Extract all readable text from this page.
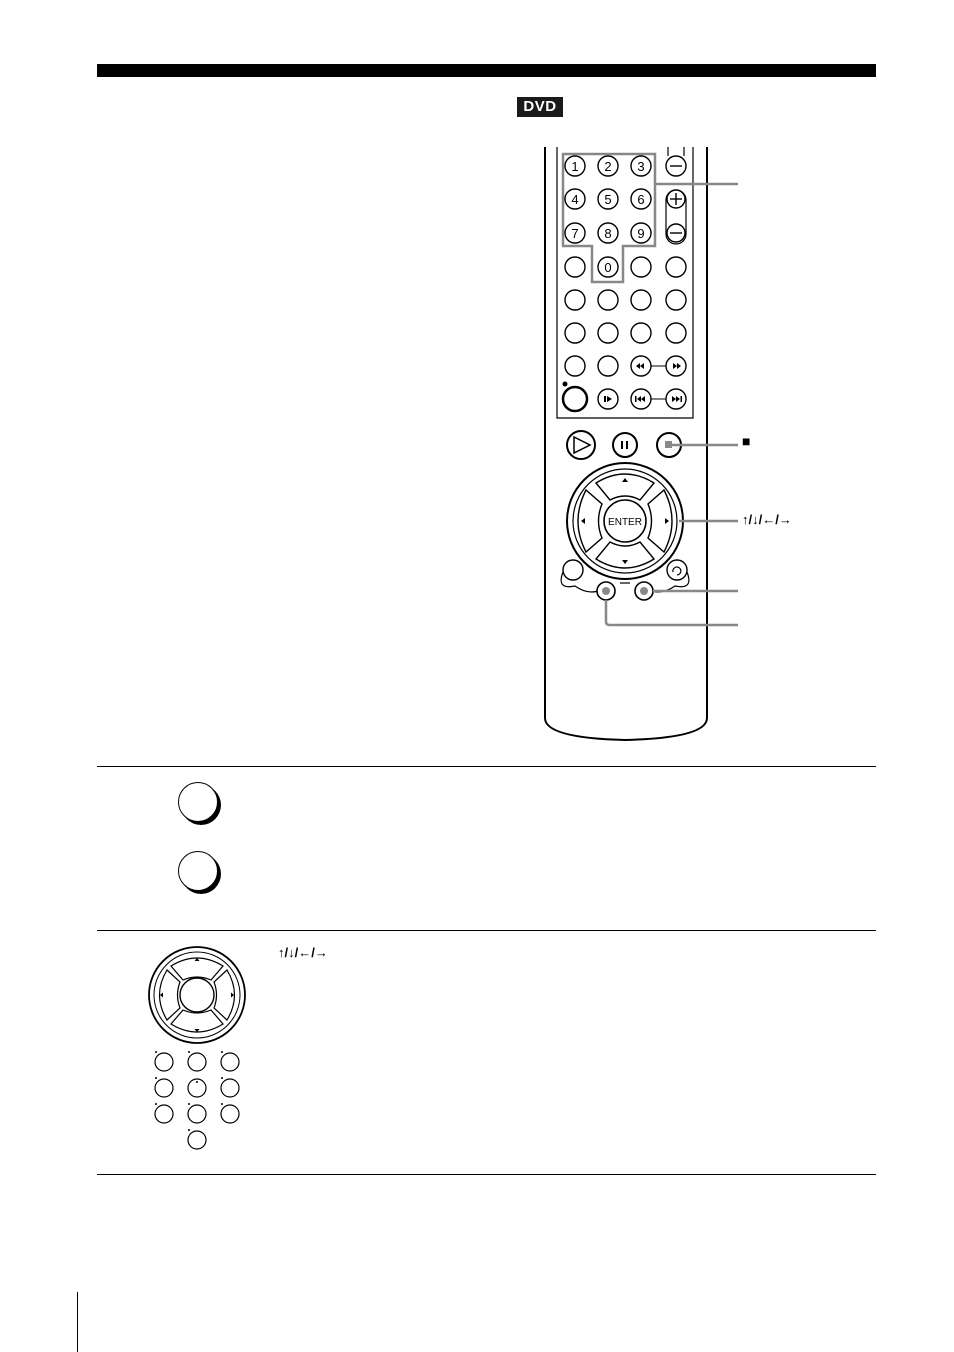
DVD
1 2 3
4 5 6
7 8 9
0
ENTER
■
↑/↓/←/→
↑/↓/←/→
